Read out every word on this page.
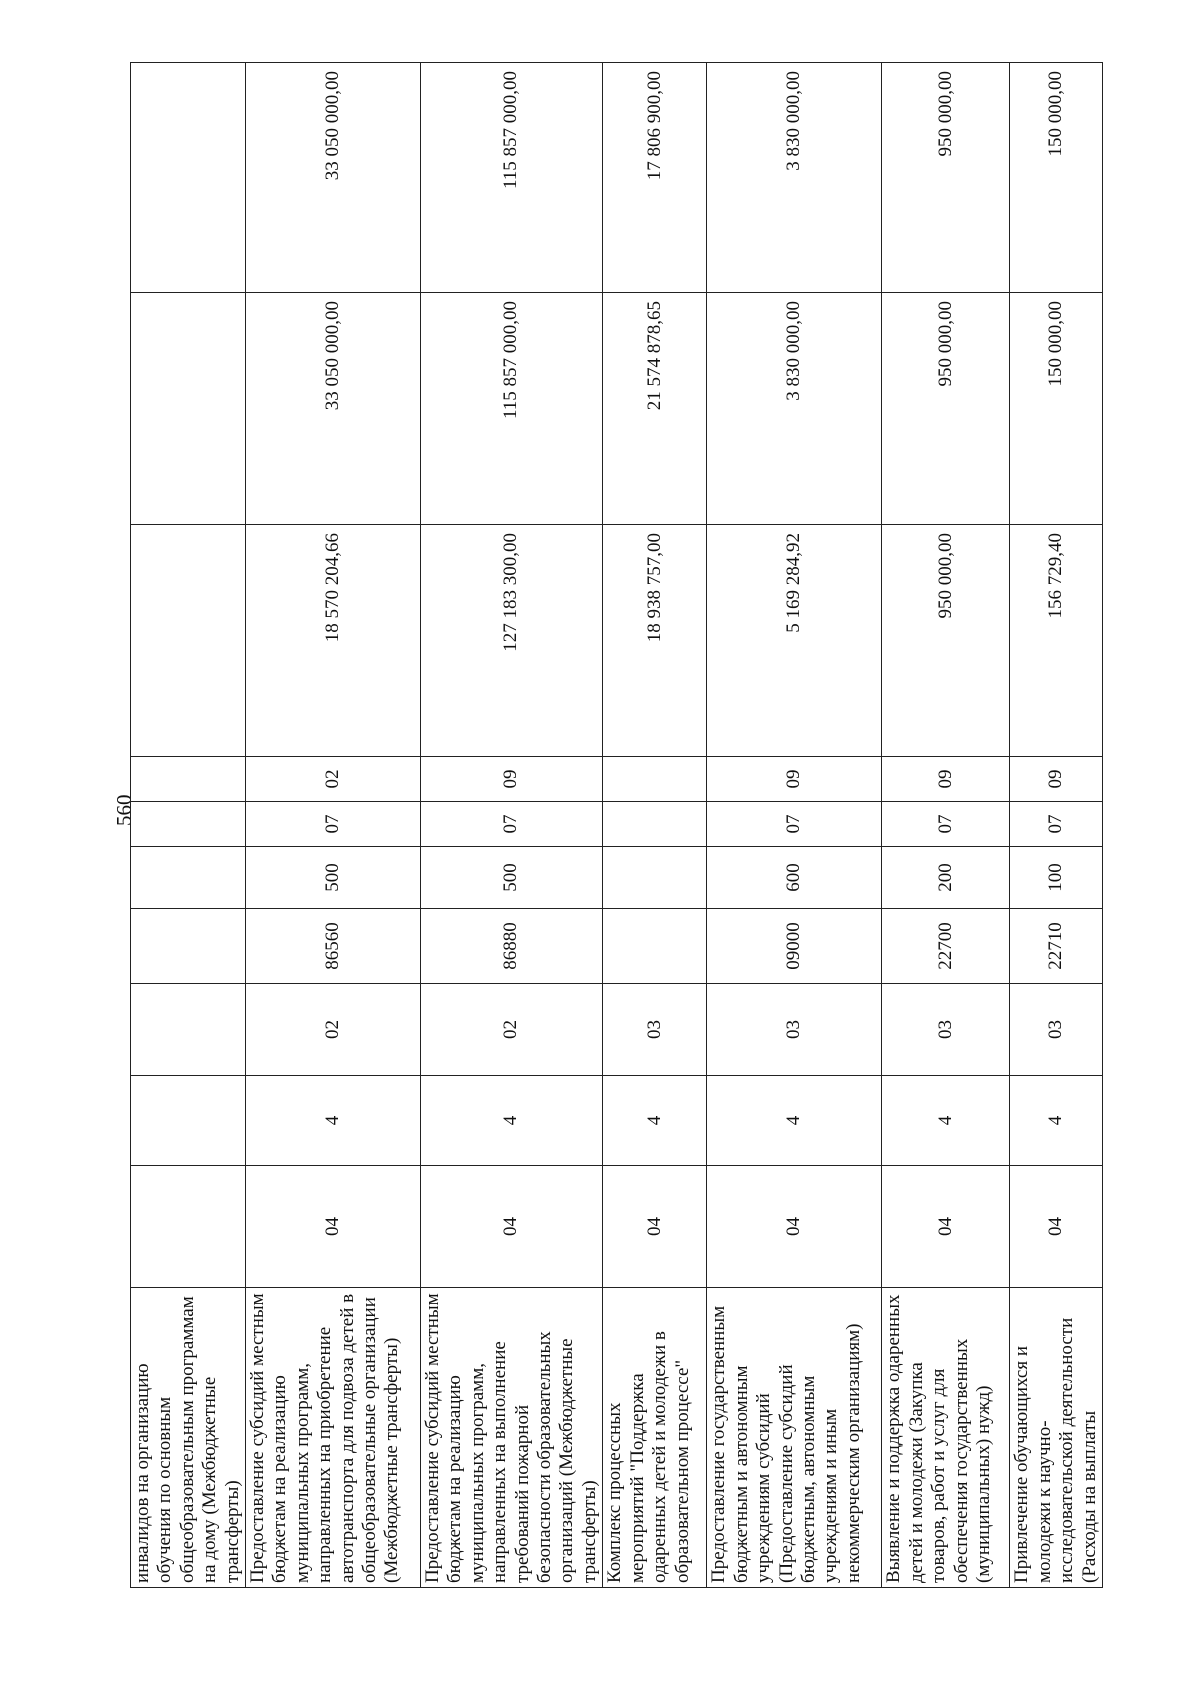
560
инвалидов на организацию обучения по основным общеобразовательным программам на дому (Межбюджетные трансферты)										
Предоставление субсидий местным бюджетам на реализацию муниципальных программ, направленных на приобретение автотранспорта для подвоза детей в общеобразовательные организации (Межбюджетные трансферты)	04	4	02	86560	500	07	02	18 570 204,66	33 050 000,00	33 050 000,00
Предоставление субсидий местным бюджетам на реализацию муниципальных программ, направленных на выполнение требований пожарной безопасности образовательных организаций (Межбюджетные трансферты)	04	4	02	86880	500	07	09	127 183 300,00	115 857 000,00	115 857 000,00
Комплекс процессных мероприятий "Поддержка одаренных детей и молодежи в образовательном процессе"	04	4	03					18 938 757,00	21 574 878,65	17 806 900,00
Предоставление государственным бюджетным и автономным учреждениям субсидий (Предоставление субсидий бюджетным, автономным учреждениям и иным некоммерческим организациям)	04	4	03	09000	600	07	09	5 169 284,92	3 830 000,00	3 830 000,00
Выявление и поддержка одаренных детей и молодежи (Закупка товаров, работ и услуг для обеспечения государственных (муниципальных) нужд)	04	4	03	22700	200	07	09	950 000,00	950 000,00	950 000,00
Привлечение обучающихся и молодежи к научно-исследовательской деятельности (Расходы на выплаты	04	4	03	22710	100	07	09	156 729,40	150 000,00	150 000,00
